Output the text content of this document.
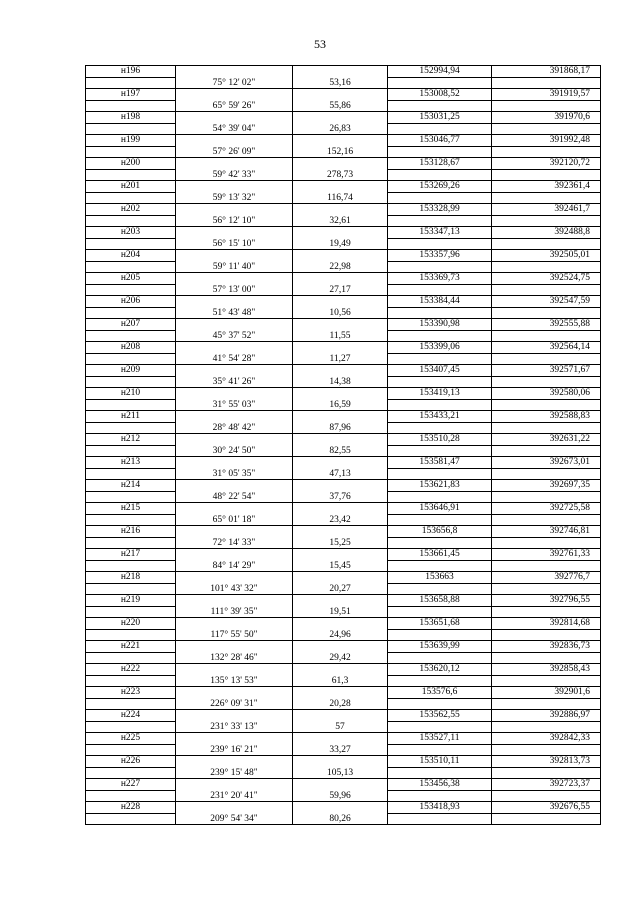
53
н196			152994,94	391868,17
	75° 12' 02"	53,16		
н197			153008,52	391919,57
	65° 59' 26"	55,86		
н198			153031,25	391970,6
	54° 39' 04"	26,83		
н199			153046,77	391992,48
	57° 26' 09"	152,16		
н200			153128,67	392120,72
	59° 42' 33"	278,73		
н201			153269,26	392361,4
	59° 13' 32"	116,74		
н202			153328,99	392461,7
	56° 12' 10"	32,61		
н203			153347,13	392488,8
	56° 15' 10"	19,49		
н204			153357,96	392505,01
	59° 11' 40"	22,98		
н205			153369,73	392524,75
	57° 13' 00"	27,17		
н206			153384,44	392547,59
	51° 43' 48"	10,56		
н207			153390,98	392555,88
	45° 37' 52"	11,55		
н208			153399,06	392564,14
	41° 54' 28"	11,27		
н209			153407,45	392571,67
	35° 41' 26"	14,38		
н210			153419,13	392580,06
	31° 55' 03"	16,59		
н211			153433,21	392588,83
	28° 48' 42"	87,96		
н212			153510,28	392631,22
	30° 24' 50"	82,55		
н213			153581,47	392673,01
	31° 05' 35"	47,13		
н214			153621,83	392697,35
	48° 22' 54"	37,76		
н215			153646,91	392725,58
	65° 01' 18"	23,42		
н216			153656,8	392746,81
	72° 14' 33"	15,25		
н217			153661,45	392761,33
	84° 14' 29"	15,45		
н218			153663	392776,7
	101° 43' 32"	20,27		
н219			153658,88	392796,55
	111° 39' 35"	19,51		
н220			153651,68	392814,68
	117° 55' 50"	24,96		
н221			153639,99	392836,73
	132° 28' 46"	29,42		
н222			153620,12	392858,43
	135° 13' 53"	61,3		
н223			153576,6	392901,6
	226° 09' 31"	20,28		
н224			153562,55	392886,97
	231° 33' 13"	57		
н225			153527,11	392842,33
	239° 16' 21"	33,27		
н226			153510,11	392813,73
	239° 15' 48"	105,13		
н227			153456,38	392723,37
	231° 20' 41"	59,96		
н228			153418,93	392676,55
	209° 54' 34"	80,26		
